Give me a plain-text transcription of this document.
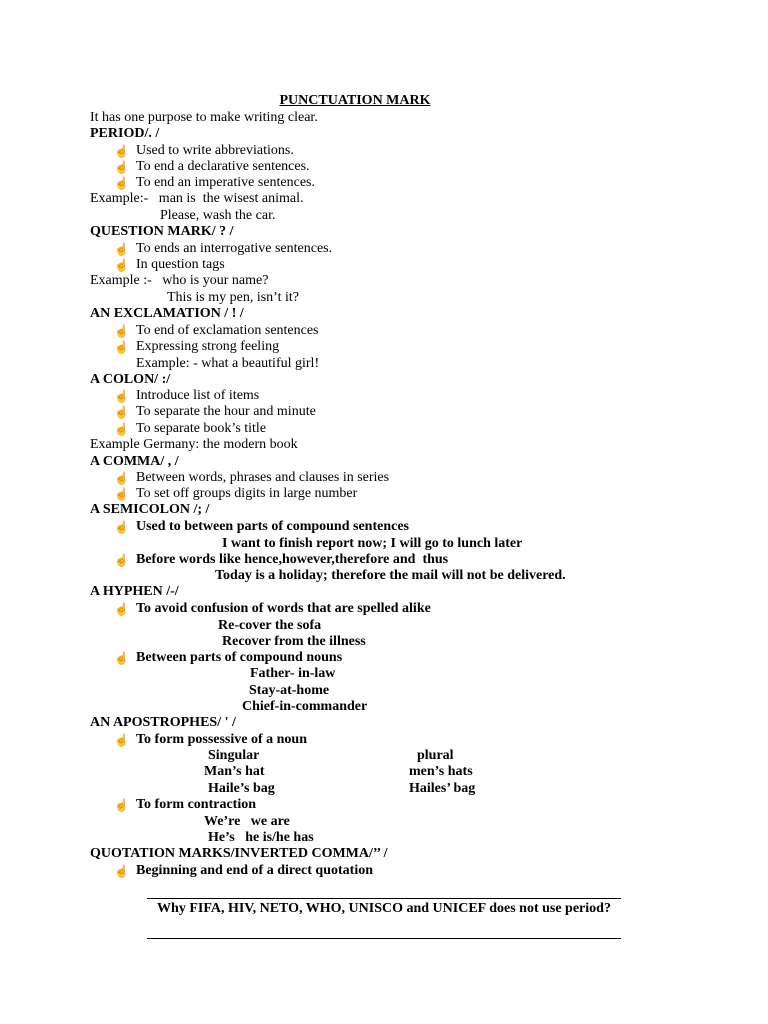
PUNCTUATION MARK
It has one purpose to make writing clear.
PERIOD/. /
☝ Used to write abbreviations.
☝ To end a declarative sentences.
☝ To end an imperative sentences.
Example:-   man is  the wisest animal.
Please, wash the car.
QUESTION MARK/ ? /
☝ To ends an interrogative sentences.
☝ In question tags
Example :-   who is your name?
This is my pen, isn’t it?
AN EXCLAMATION / ! /
☝ To end of exclamation sentences
☝ Expressing strong feeling
Example: - what a beautiful girl!
A COLON/ :/
☝ Introduce list of items
☝ To separate the hour and minute
☝ To separate book’s title
Example Germany: the modern book
A COMMA/ , /
☝ Between words, phrases and clauses in series
☝ To set off groups digits in large number
A SEMICOLON /; /
☝ Used to between parts of compound sentences
I want to finish report now; I will go to lunch later
☝ Before words like hence,however,therefore and  thus
Today is a holiday; therefore the mail will not be delivered.
A HYPHEN /-/
☝ To avoid confusion of words that are spelled alike
Re-cover the sofa
Recover from the illness
☝ Between parts of compound nouns
Father- in-law
Stay-at-home
Chief-in-commander
AN APOSTROPHES/ ' /
☝ To form possessive of a noun
Singular	plural
Man’s hat	men’s hats
Haile’s bag	Hailes’ bag
☝ To form contraction
We’re   we are
He’s   he is/he has
QUOTATION MARKS/INVERTED COMMA/’’ /
☝ Beginning and end of a direct quotation
Why FIFA, HIV, NETO, WHO, UNISCO and UNICEF does not use period?
